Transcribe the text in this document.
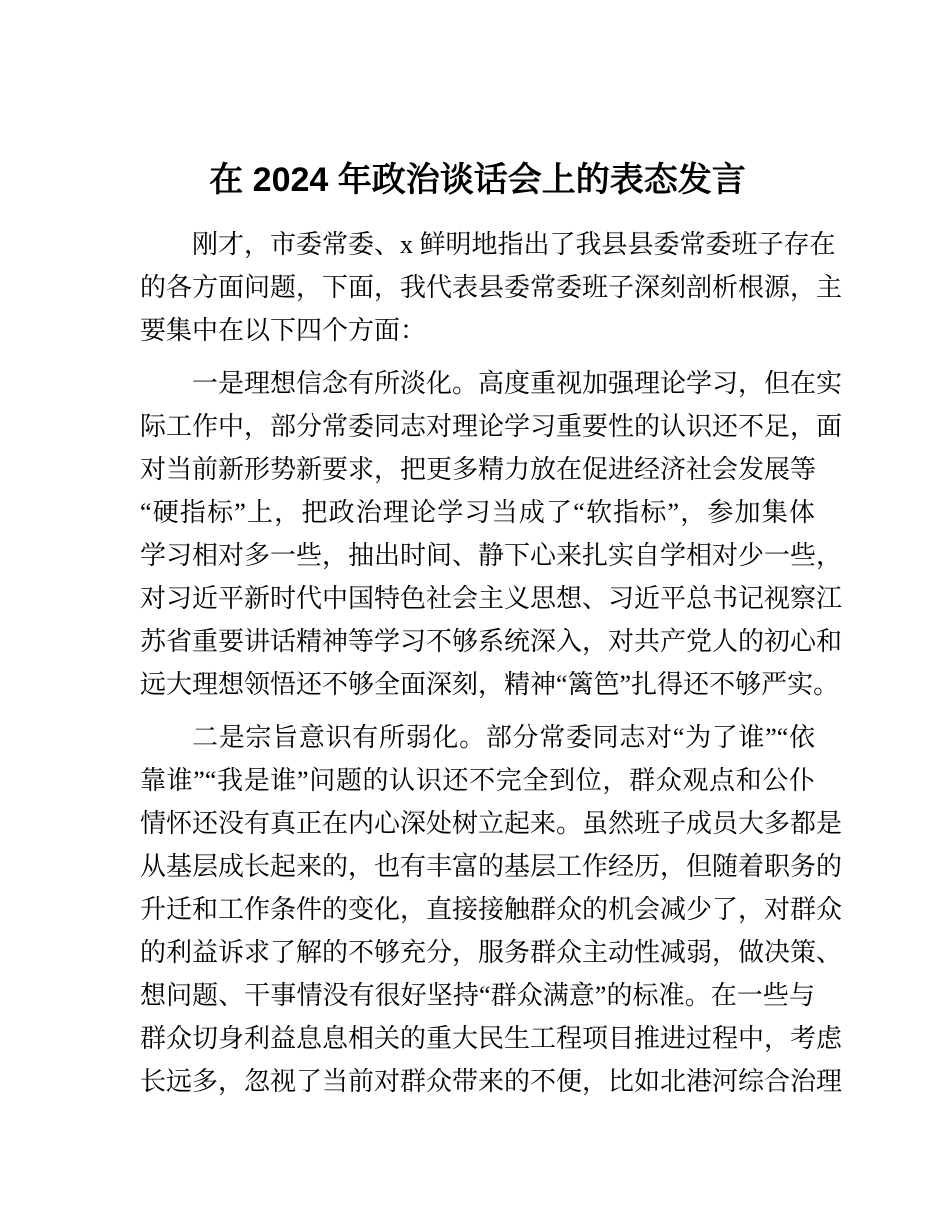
在 2024 年政治谈话会上的表态发言
刚才，市委常委、x 鲜明地指出了我县县委常委班子存在
的各方面问题，下面，我代表县委常委班子深刻剖析根源，主
要集中在以下四个方面：
一是理想信念有所淡化。高度重视加强理论学习，但在实
际工作中，部分常委同志对理论学习重要性的认识还不足，面
对当前新形势新要求，把更多精力放在促进经济社会发展等
“硬指标”上，把政治理论学习当成了“软指标”，参加集体
学习相对多一些，抽出时间、静下心来扎实自学相对少一些，
对习近平新时代中国特色社会主义思想、习近平总书记视察江
苏省重要讲话精神等学习不够系统深入，对共产党人的初心和
远大理想领悟还不够全面深刻，精神“篱笆”扎得还不够严实。
二是宗旨意识有所弱化。部分常委同志对“为了谁”“依
靠谁”“我是谁”问题的认识还不完全到位，群众观点和公仆
情怀还没有真正在内心深处树立起来。虽然班子成员大多都是
从基层成长起来的，也有丰富的基层工作经历，但随着职务的
升迁和工作条件的变化，直接接触群众的机会减少了，对群众
的利益诉求了解的不够充分，服务群众主动性减弱，做决策、
想问题、干事情没有很好坚持“群众满意”的标准。在一些与
群众切身利益息息相关的重大民生工程项目推进过程中，考虑
长远多，忽视了当前对群众带来的不便，比如北港河综合治理
